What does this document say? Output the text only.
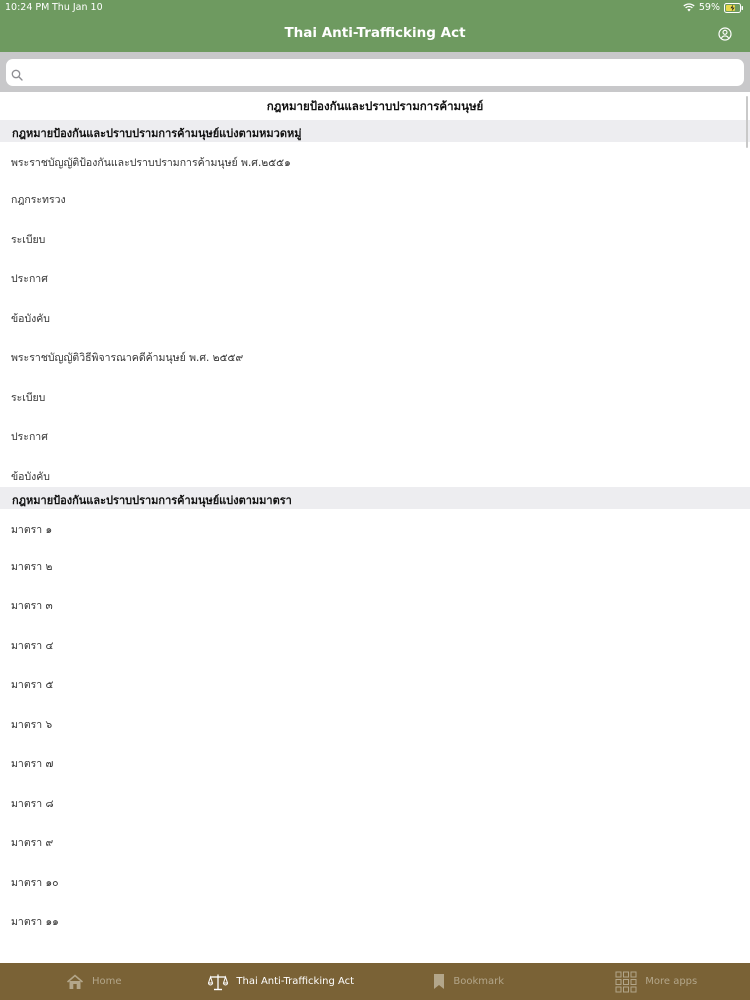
10:24 PM Thu Jan 10	59%
Thai Anti-Trafficking Act
กฎหมายป้องกันและปราบปรามการค้ามนุษย์
กฎหมายป้องกันและปราบปรามการค้ามนุษย์แบ่งตามหมวดหมู่
พระราชบัญญัติป้องกันและปราบปรามการค้ามนุษย์ พ.ศ.๒๕๕๑
กฎกระทรวง
ระเบียบ
ประกาศ
ข้อบังคับ
พระราชบัญญัติวิธีพิจารณาคดีค้ามนุษย์ พ.ศ. ๒๕๕๙
ระเบียบ
ประกาศ
ข้อบังคับ
กฎหมายป้องกันและปราบปรามการค้ามนุษย์แบ่งตามมาตรา
มาตรา ๑
มาตรา ๒
มาตรา ๓
มาตรา ๔
มาตรา ๕
มาตรา ๖
มาตรา ๗
มาตรา ๘
มาตรา ๙
มาตรา ๑๐
มาตรา ๑๑
Home	Thai Anti-Trafficking Act	Bookmark	More apps
